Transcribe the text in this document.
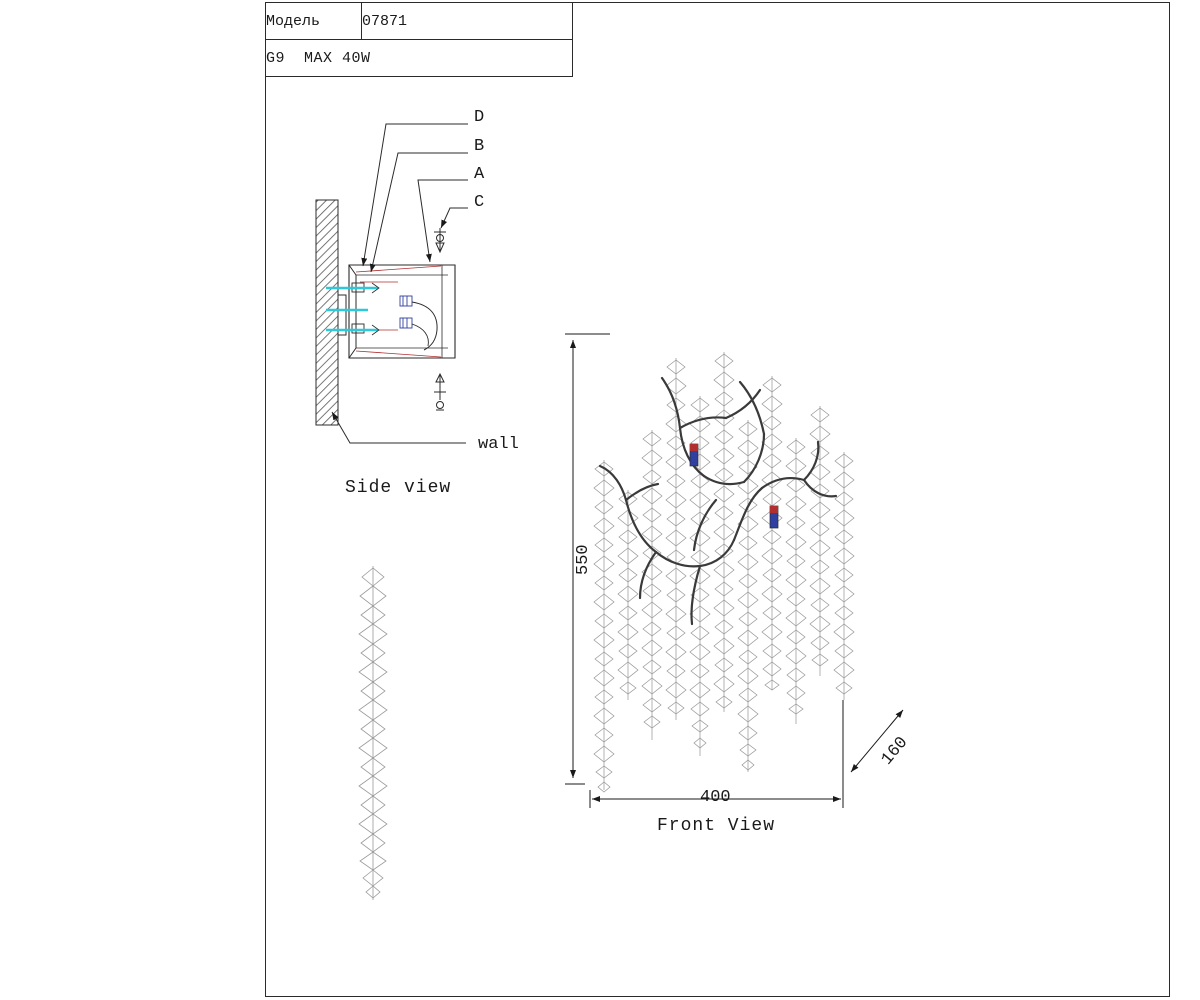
Модель	07871
G9  MAX 40W
D
B
A
C
wall
Side view
550
400
160
Front View
